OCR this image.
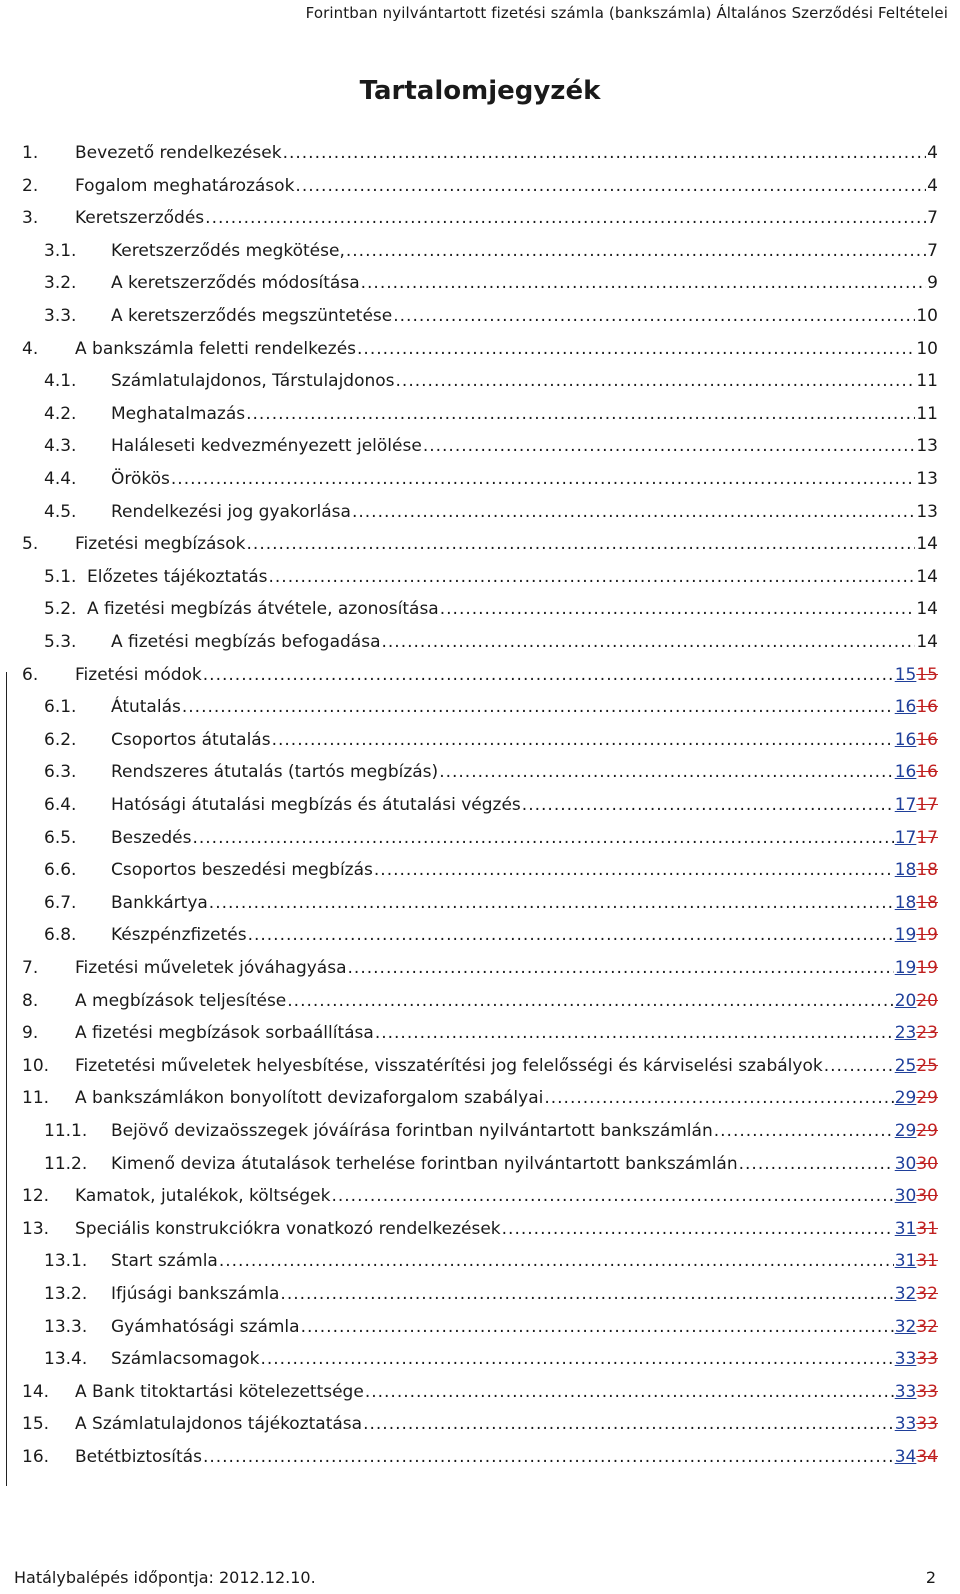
Forintban nyilvántartott fizetési számla (bankszámla) Általános Szerződési Feltételei
Tartalomjegyzék
1.	Bevezető rendelkezések .....	4
2.	Fogalom meghatározások .....	4
3.	Keretszerződés .....	7
3.1.	Keretszerződés megkötése, .....	7
3.2.	A keretszerződés módosítása .....	9
3.3.	A keretszerződés megszüntetése .....	10
4.	A bankszámla feletti rendelkezés .....	10
4.1.	Számlatulajdonos, Társtulajdonos .....	11
4.2.	Meghatalmazás .....	11
4.3.	Haláleseti kedvezményezett jelölése .....	13
4.4.	Örökös .....	13
4.5.	Rendelkezési jog gyakorlása .....	13
5.	Fizetési megbízások .....	14
5.1. Előzetes tájékoztatás .....	14
5.2. A fizetési megbízás átvétele, azonosítása .....	14
5.3.	A fizetési megbízás befogadása .....	14
6.	Fizetési módok .....	1515
6.1.	Átutalás .....	1616
6.2.	Csoportos átutalás .....	1616
6.3.	Rendszeres átutalás (tartós megbízás) .....	1616
6.4.	Hatósági átutalási megbízás és átutalási végzés .....	1717
6.5.	Beszedés .....	1717
6.6.	Csoportos beszedési megbízás .....	1818
6.7.	Bankkártya .....	1818
6.8.	Készpénzfizetés .....	1919
7.	Fizetési műveletek jóváhagyása .....	1919
8.	A megbízások teljesítése .....	2020
9.	A fizetési megbízások sorbaállítása .....	2323
10.	Fizetetési műveletek helyesbítése, visszatérítési jog felelősségi és kárviselési szabályok .....	2525
11.	A bankszámlákon bonyolított devizaforgalom szabályai .....	2929
11.1.	Bejövő devizaösszegek jóváírása forintban nyilvántartott bankszámlán .....	2929
11.2.	Kimenő deviza átutalások terhelése forintban nyilvántartott bankszámlán .....	3030
12.	Kamatok, jutalékok, költségek .....	3030
13.	Speciális konstrukciókra vonatkozó rendelkezések .....	3131
13.1.	Start számla .....	3131
13.2.	Ifjúsági bankszámla .....	3232
13.3.	Gyámhatósági számla .....	3232
13.4.	Számlacsomagok .....	3333
14.	A Bank titoktartási kötelezettsége .....	3333
15.	A Számlatulajdonos tájékoztatása .....	3333
16.	Betétbiztosítás .....	3434
Hatálybalépés időpontja: 2012.12.10.	2
